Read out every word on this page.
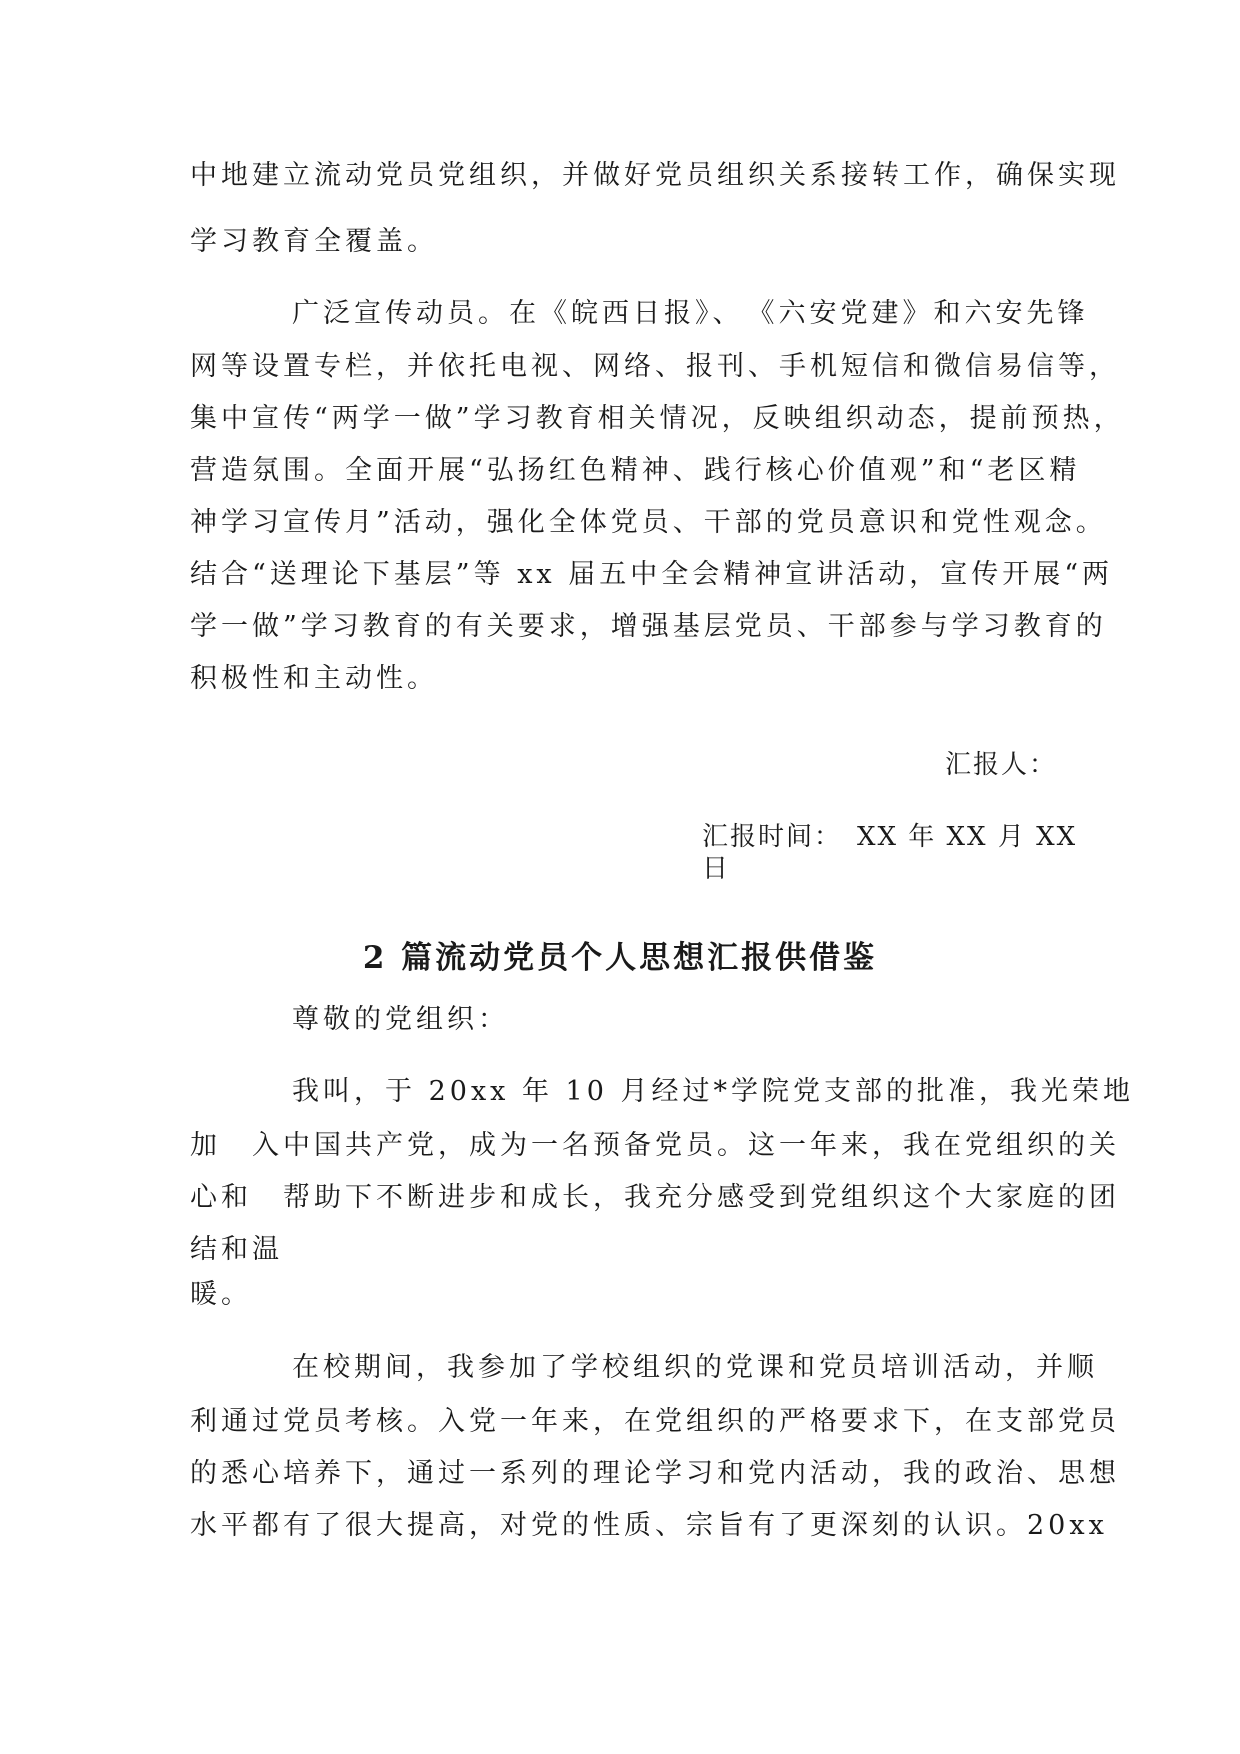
中地建立流动党员党组织，并做好党员组织关系接转工作，确保实现
学习教育全覆盖。
广泛宣传动员。在《皖西日报》、　《六安党建》和六安先锋
网等设置专栏，并依托电视、网络、报刊、手机短信和微信易信等，
集中宣传“两学一做”学习教育相关情况，反映组织动态，提前预热，
营造氛围。全面开展“弘扬红色精神、践行核心价值观”和“老区精
神学习宣传月”活动，强化全体党员、干部的党员意识和党性观念。
结合“送理论下基层”等 xx 届五中全会精神宣讲活动，宣传开展“两
学一做”学习教育的有关要求，增强基层党员、干部参与学习教育的
积极性和主动性。
汇报人：
汇报时间：　XX 年 XX 月 XX
日
2 篇流动党员个人思想汇报供借鉴
尊敬的党组织：
我叫，于 20xx 年 10 月经过*学院党支部的批准，我光荣地
加　入中国共产党，成为一名预备党员。这一年来，我在党组织的关
心和　帮助下不断进步和成长，我充分感受到党组织这个大家庭的团
结和温
暖。
在校期间，我参加了学校组织的党课和党员培训活动，并顺
利通过党员考核。入党一年来，在党组织的严格要求下，在支部党员
的悉心培养下，通过一系列的理论学习和党内活动，我的政治、思想
水平都有了很大提高，对党的性质、宗旨有了更深刻的认识。20xx
